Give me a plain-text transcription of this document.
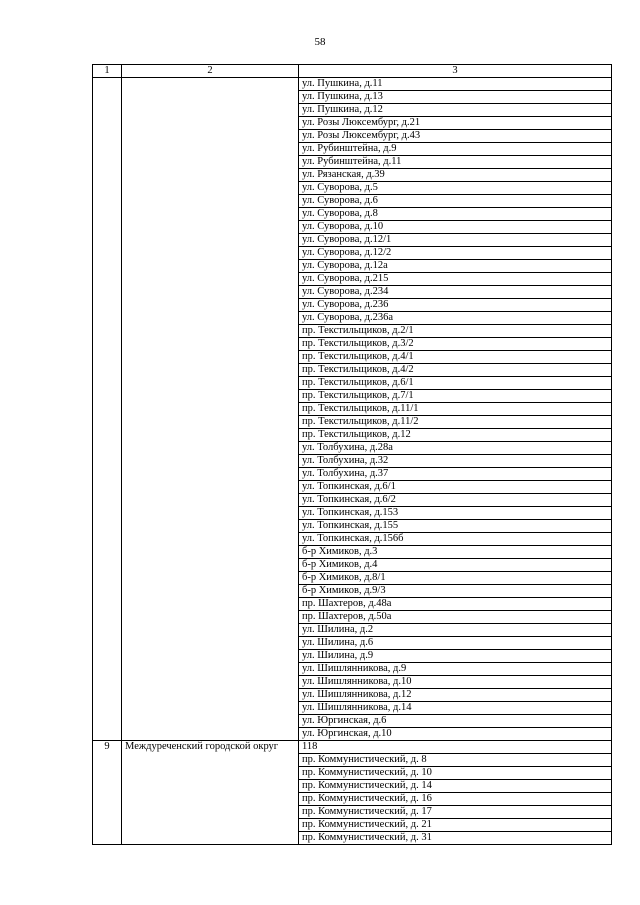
58
1	2	3
		ул. Пушкина, д.11
		ул. Пушкина, д.13
		ул. Пушкина, д.12
		ул. Розы Люксембург, д.21
		ул. Розы Люксембург, д.43
		ул. Рубинштейна, д.9
		ул. Рубинштейна, д.11
		ул. Рязанская, д.39
		ул. Суворова, д.5
		ул. Суворова, д.6
		ул. Суворова, д.8
		ул. Суворова, д.10
		ул. Суворова, д.12/1
		ул. Суворова, д.12/2
		ул. Суворова, д.12а
		ул. Суворова, д.215
		ул. Суворова, д.234
		ул. Суворова, д.236
		ул. Суворова, д.236а
		пр. Текстильщиков, д.2/1
		пр. Текстильщиков, д.3/2
		пр. Текстильщиков, д.4/1
		пр. Текстильщиков, д.4/2
		пр. Текстильщиков, д.6/1
		пр. Текстильщиков, д.7/1
		пр. Текстильщиков, д.11/1
		пр. Текстильщиков, д.11/2
		пр. Текстильщиков, д.12
		ул. Толбухина, д.28а
		ул. Толбухина, д.32
		ул. Толбухина, д.37
		ул. Топкинская, д.6/1
		ул. Топкинская, д.6/2
		ул. Топкинская, д.153
		ул. Топкинская, д.155
		ул. Топкинская, д.156б
		б-р Химиков, д.3
		б-р Химиков, д.4
		б-р Химиков, д.8/1
		б-р Химиков, д.9/3
		пр. Шахтеров, д.48а
		пр. Шахтеров, д.50а
		ул. Шилина, д.2
		ул. Шилина, д.6
		ул. Шилина, д.9
		ул. Шишлянникова, д.9
		ул. Шишлянникова, д.10
		ул. Шишлянникова, д.12
		ул. Шишлянникова, д.14
		ул. Юргинская, д.6
		ул. Юргинская, д.10
9	Междуреченский городской округ	118
		пр. Коммунистический, д. 8
		пр. Коммунистический, д. 10
		пр. Коммунистический, д. 14
		пр. Коммунистический, д. 16
		пр. Коммунистический, д. 17
		пр. Коммунистический, д. 21
		пр. Коммунистический, д. 31
